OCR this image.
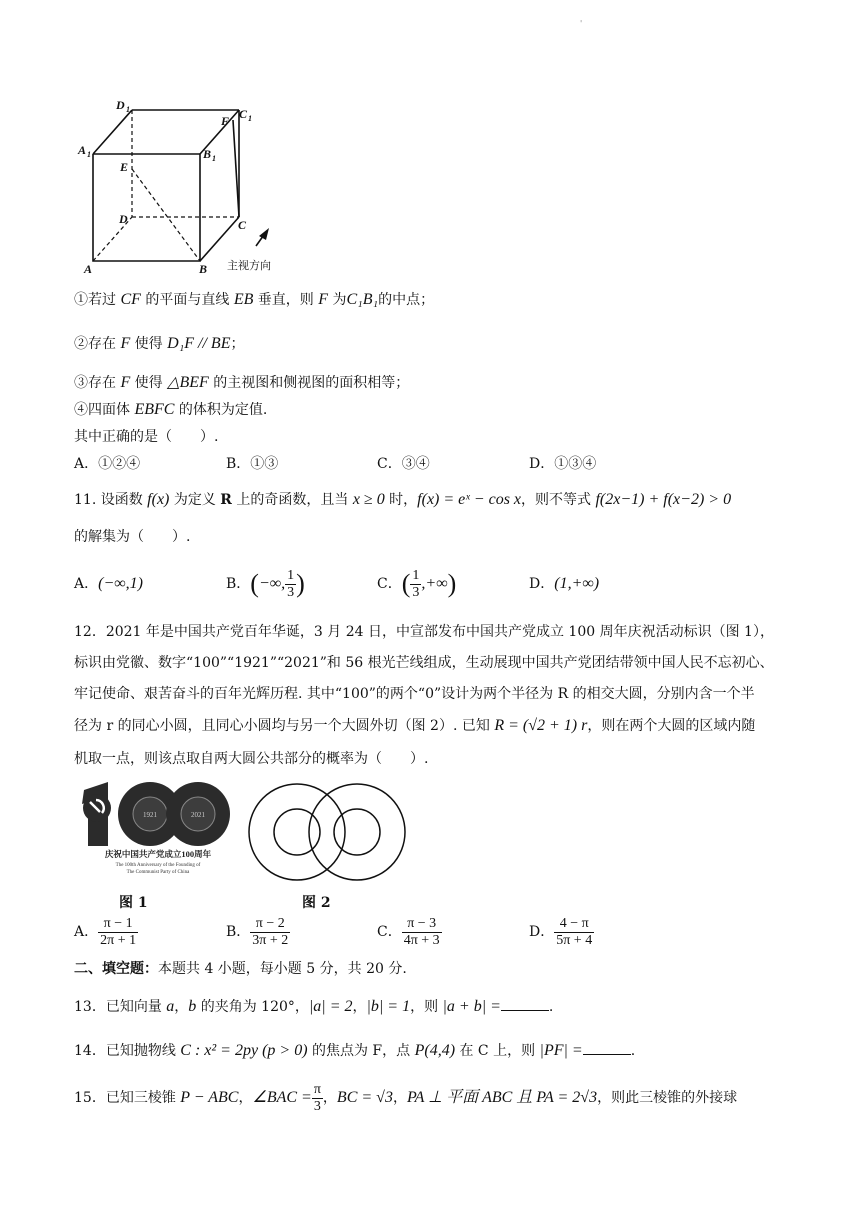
'
D 1	C 1
A 1	B 1
E
F
D	C
A	B 主视方向
①若过 CF 的平面与直线 EB 垂直，则 F 为C₁B₁的中点；
②存在 F 使得 D₁F // BE；
③存在 F 使得 △BEF 的主视图和侧视图的面积相等；
④四面体 EBFC 的体积为定值.
其中正确的是（　　）.
A．①②④	B．①③	C．③④	D．①③④
11. 设函数 f(x) 为定义 R 上的奇函数，且当 x ≥ 0 时，f(x) = eˣ − cos x，则不等式 f(2x−1) + f(x−2) > 0
的解集为（　　）.
A．(−∞,1)	B．(−∞, $\frac{1}{3}$ )	C．( $\frac{1}{3}$ ,+∞)	D．(1,+∞)
12．2021 年是中国共产党百年华诞，3 月 24 日，中宣部发布中国共产党成立 100 周年庆祝活动标识（图 1），
标识由党徽、数字“100”“1921”“2021”和 56 根光芒线组成，生动展现中国共产党团结带领中国人民不忘初心、
牢记使命、艰苦奋斗的百年光辉历程. 其中“100”的两个“0”设计为两个半径为 R 的相交大圆，分别内含一个半
径为 r 的同心小圆，且同心小圆均与另一个大圆外切（图 2）. 已知 R = (√2 + 1) r，则在两个大圆的区域内随
机取一点，则该点取自两大圆公共部分的概率为（　　）.
1921	2021
庆祝中国共产党成立100周年
The 100th Anniversary of the Founding of
The Communist Party of China
图 1	图 2
A． $\frac{\pi - 1}{2\pi + 1}$	B． $\frac{\pi - 2}{3\pi + 2}$	C． $\frac{\pi - 3}{4\pi + 3}$	D． $\frac{4 - \pi}{5\pi + 4}$
二、填空题：本题共 4 小题，每小题 5 分，共 20 分.
13．已知向量 a，b 的夹角为 120°，|a| = 2，|b| = 1，则 |a + b| =	.
14．已知抛物线 C : x² = 2py (p > 0) 的焦点为 F，点 P(4,4) 在 C 上，则 |PF| =	.
15．已知三棱锥 P − ABC，∠BAC = $\frac{\pi}{3}$ ，BC = √3，PA ⊥ 平面 ABC 且 PA = 2√3，则此三棱锥的外接球
